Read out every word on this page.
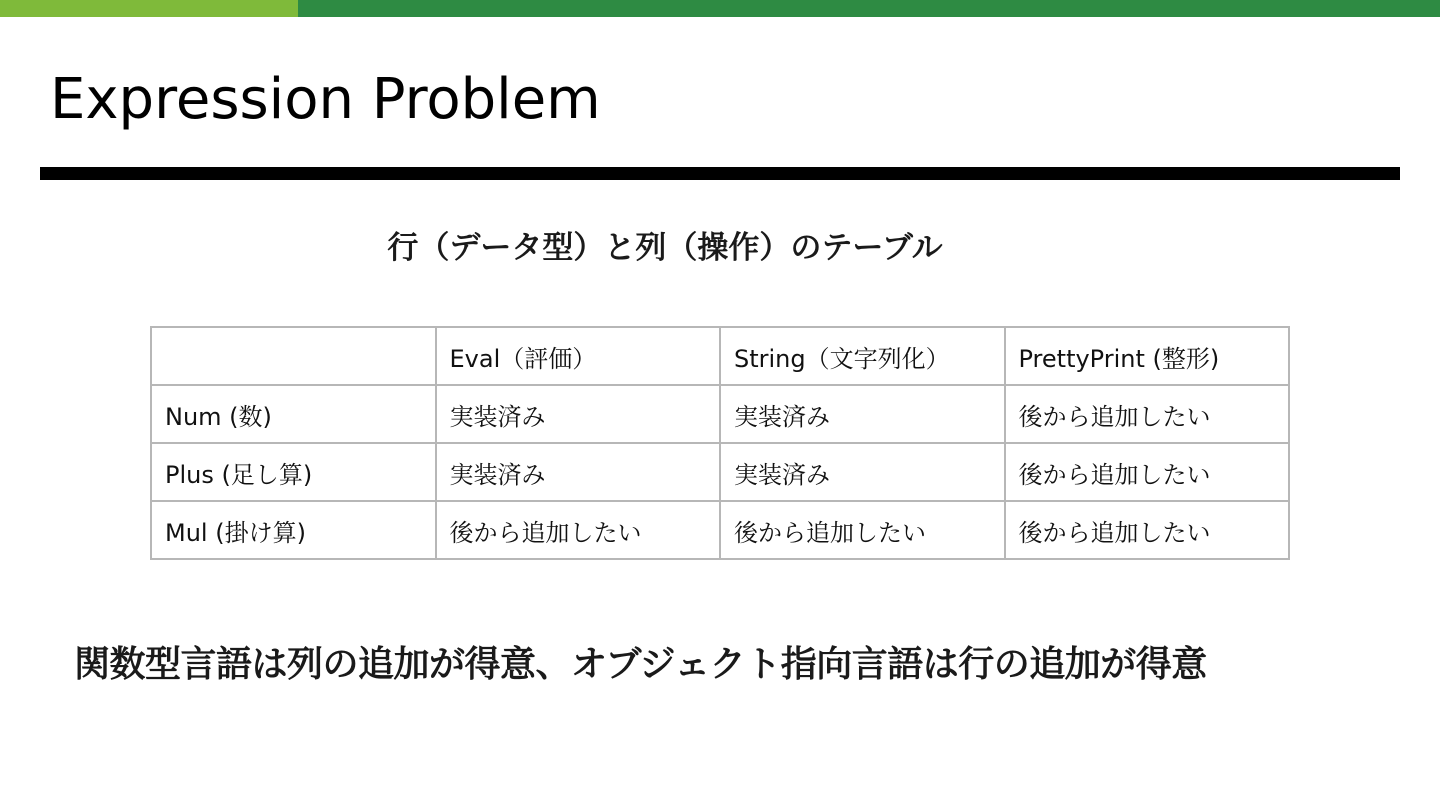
Expression Problem
行（データ型）と列（操作）のテーブル
	Eval（評価）	String（文字列化）	PrettyPrint (整形)
Num (数)	実装済み	実装済み	後から追加したい
Plus (足し算)	実装済み	実装済み	後から追加したい
Mul (掛け算)	後から追加したい	後から追加したい	後から追加したい

関数型言語は列の追加が得意、オブジェクト指向言語は行の追加が得意
